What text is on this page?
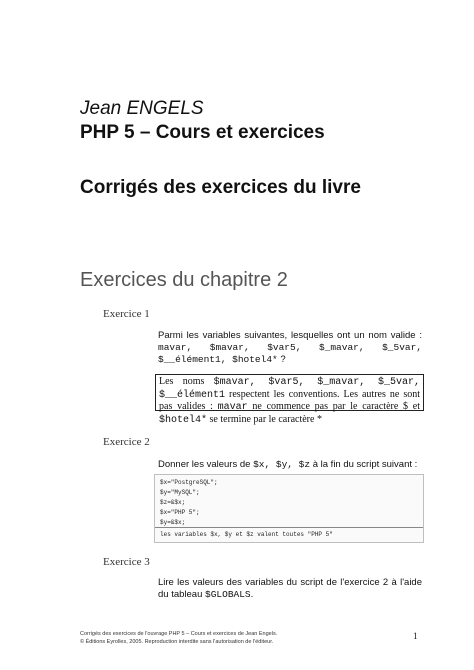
Jean ENGELS
PHP 5 – Cours et exercices
Corrigés des exercices du livre
Exercices du chapitre 2
Exercice 1
Parmi les variables suivantes, lesquelles ont un nom valide : mavar, $mavar, $var5, $_mavar, $_5var, $__élément1, $hotel4* ?
Les noms $mavar, $var5, $_mavar, $_5var, $__élément1 respectent les conventions. Les autres ne sont pas valides : mavar ne commence pas par le caractère $ et $hotel4* se termine par le caractère *
Exercice 2
Donner les valeurs de $x, $y, $z à la fin du script suivant :
$x="PostgreSQL";
$y="MySQL";
$z=&$x;
$x="PHP 5";
$y=&$x;
les variables $x, $y et $z valent toutes "PHP 5"
Exercice 3
Lire les valeurs des variables du script de l'exercice 2 à l'aide du tableau $GLOBALS.
Corrigés des exercices de l'ouvrage PHP 5 – Cours et exercices de Jean Engels.
© Éditions Eyrolles, 2005. Reproduction interdite sans l'autorisation de l'éditeur.
1
